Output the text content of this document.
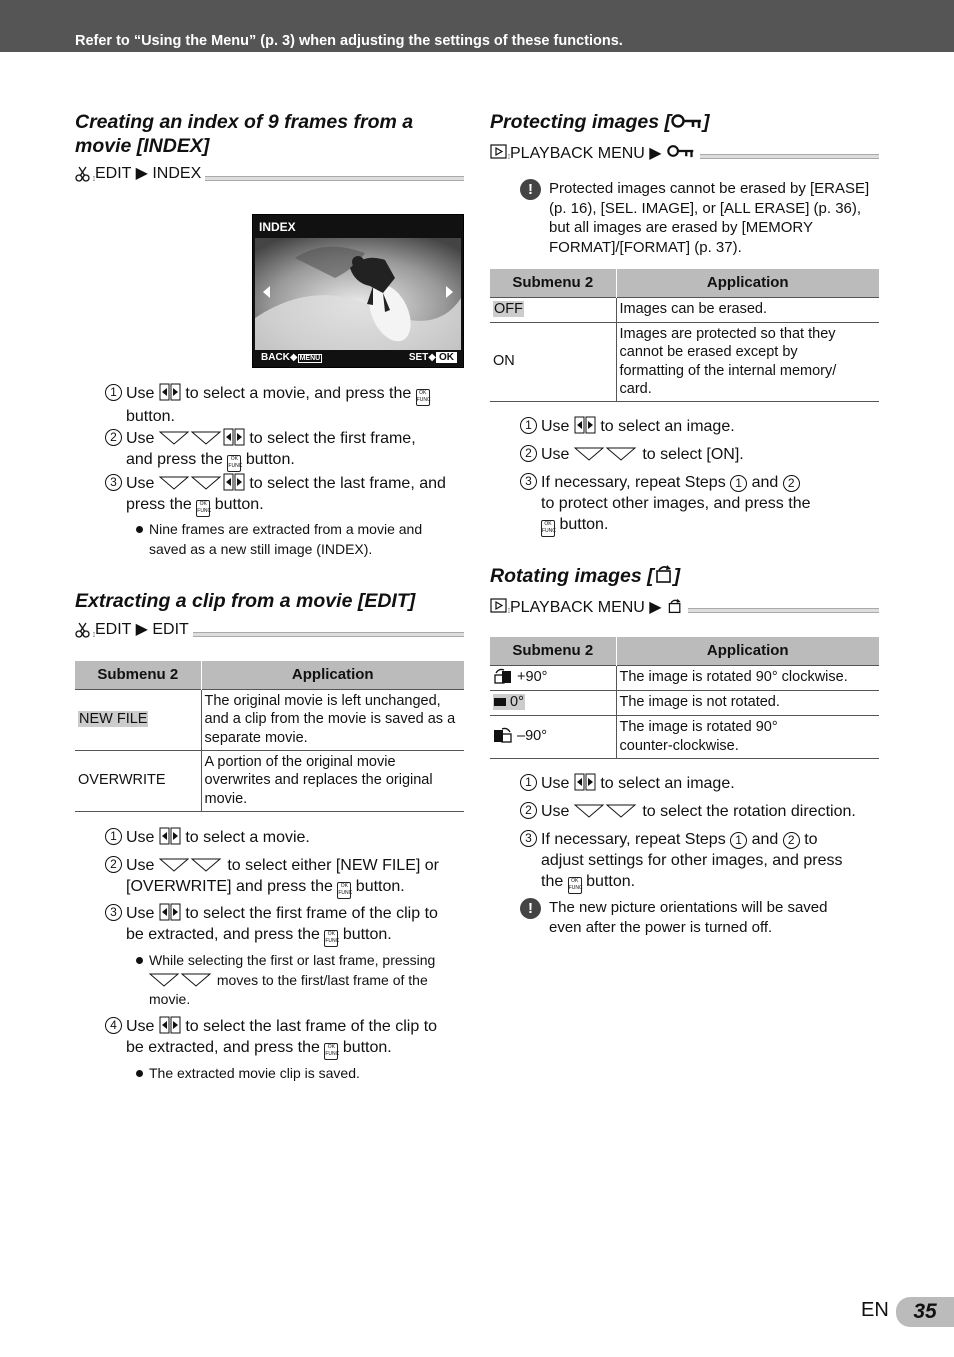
Refer to “Using the Menu” (p. 3) when adjusting the settings of these functions.
Creating an index of 9 frames from a movie [INDEX]
EDIT ▶ INDEX
INDEX
BACK◆ MENU	SET◆ OK
1 Use to select a movie, and press the OK
FUNC
button.
2 Use	to select the first frame,
and press the OK
FUNC button.
3 Use	to select the last frame, and
press the OK
FUNC button.
Nine frames are extracted from a movie and saved as a new still image (INDEX).
Extracting a clip from a movie [EDIT]
EDIT ▶ EDIT
Submenu 2	Application
NEW FILE	The original movie is left unchanged, and a clip from the movie is saved as a separate movie.
OVERWRITE	A portion of the original movie overwrites and replaces the original movie.
1 Use to select a movie.
2 Use	to select either [NEW FILE] or
[OVERWRITE] and press the OK
FUNC button.
3 Use to select the first frame of the clip to
be extracted, and press the OK
FUNC button.
While selecting the first or last frame, pressing
moves to the first/last frame of the
movie.
4 Use to select the last frame of the clip to
be extracted, and press the OK
FUNC button.
The extracted movie clip is saved.
Protecting images [ ]
PLAYBACK MENU ▶
!	Protected images cannot be erased by [ERASE] (p. 16), [SEL. IMAGE], or [ALL ERASE] (p. 36), but all images are erased by [MEMORY FORMAT]/[FORMAT] (p. 37).
Submenu 2	Application
OFF	Images can be erased.
ON	Images are protected so that they cannot be erased except by formatting of the internal memory/ card.
1 Use to select an image.
2 Use	to select [ON].
3 If necessary, repeat Steps 1 and 2
to protect other images, and press the
OK
FUNC button.
Rotating images [ ]
PLAYBACK MENU ▶
Submenu 2	Application
+90°	The image is rotated 90° clockwise.
0°	The image is not rotated.
–90°	The image is rotated 90° counter-clockwise.
1 Use to select an image.
2 Use	to select the rotation direction.
3 If necessary, repeat Steps 1 and 2 to
adjust settings for other images, and press
the OK
FUNC button.
!	The new picture orientations will be saved even after the power is turned off.
EN	35
